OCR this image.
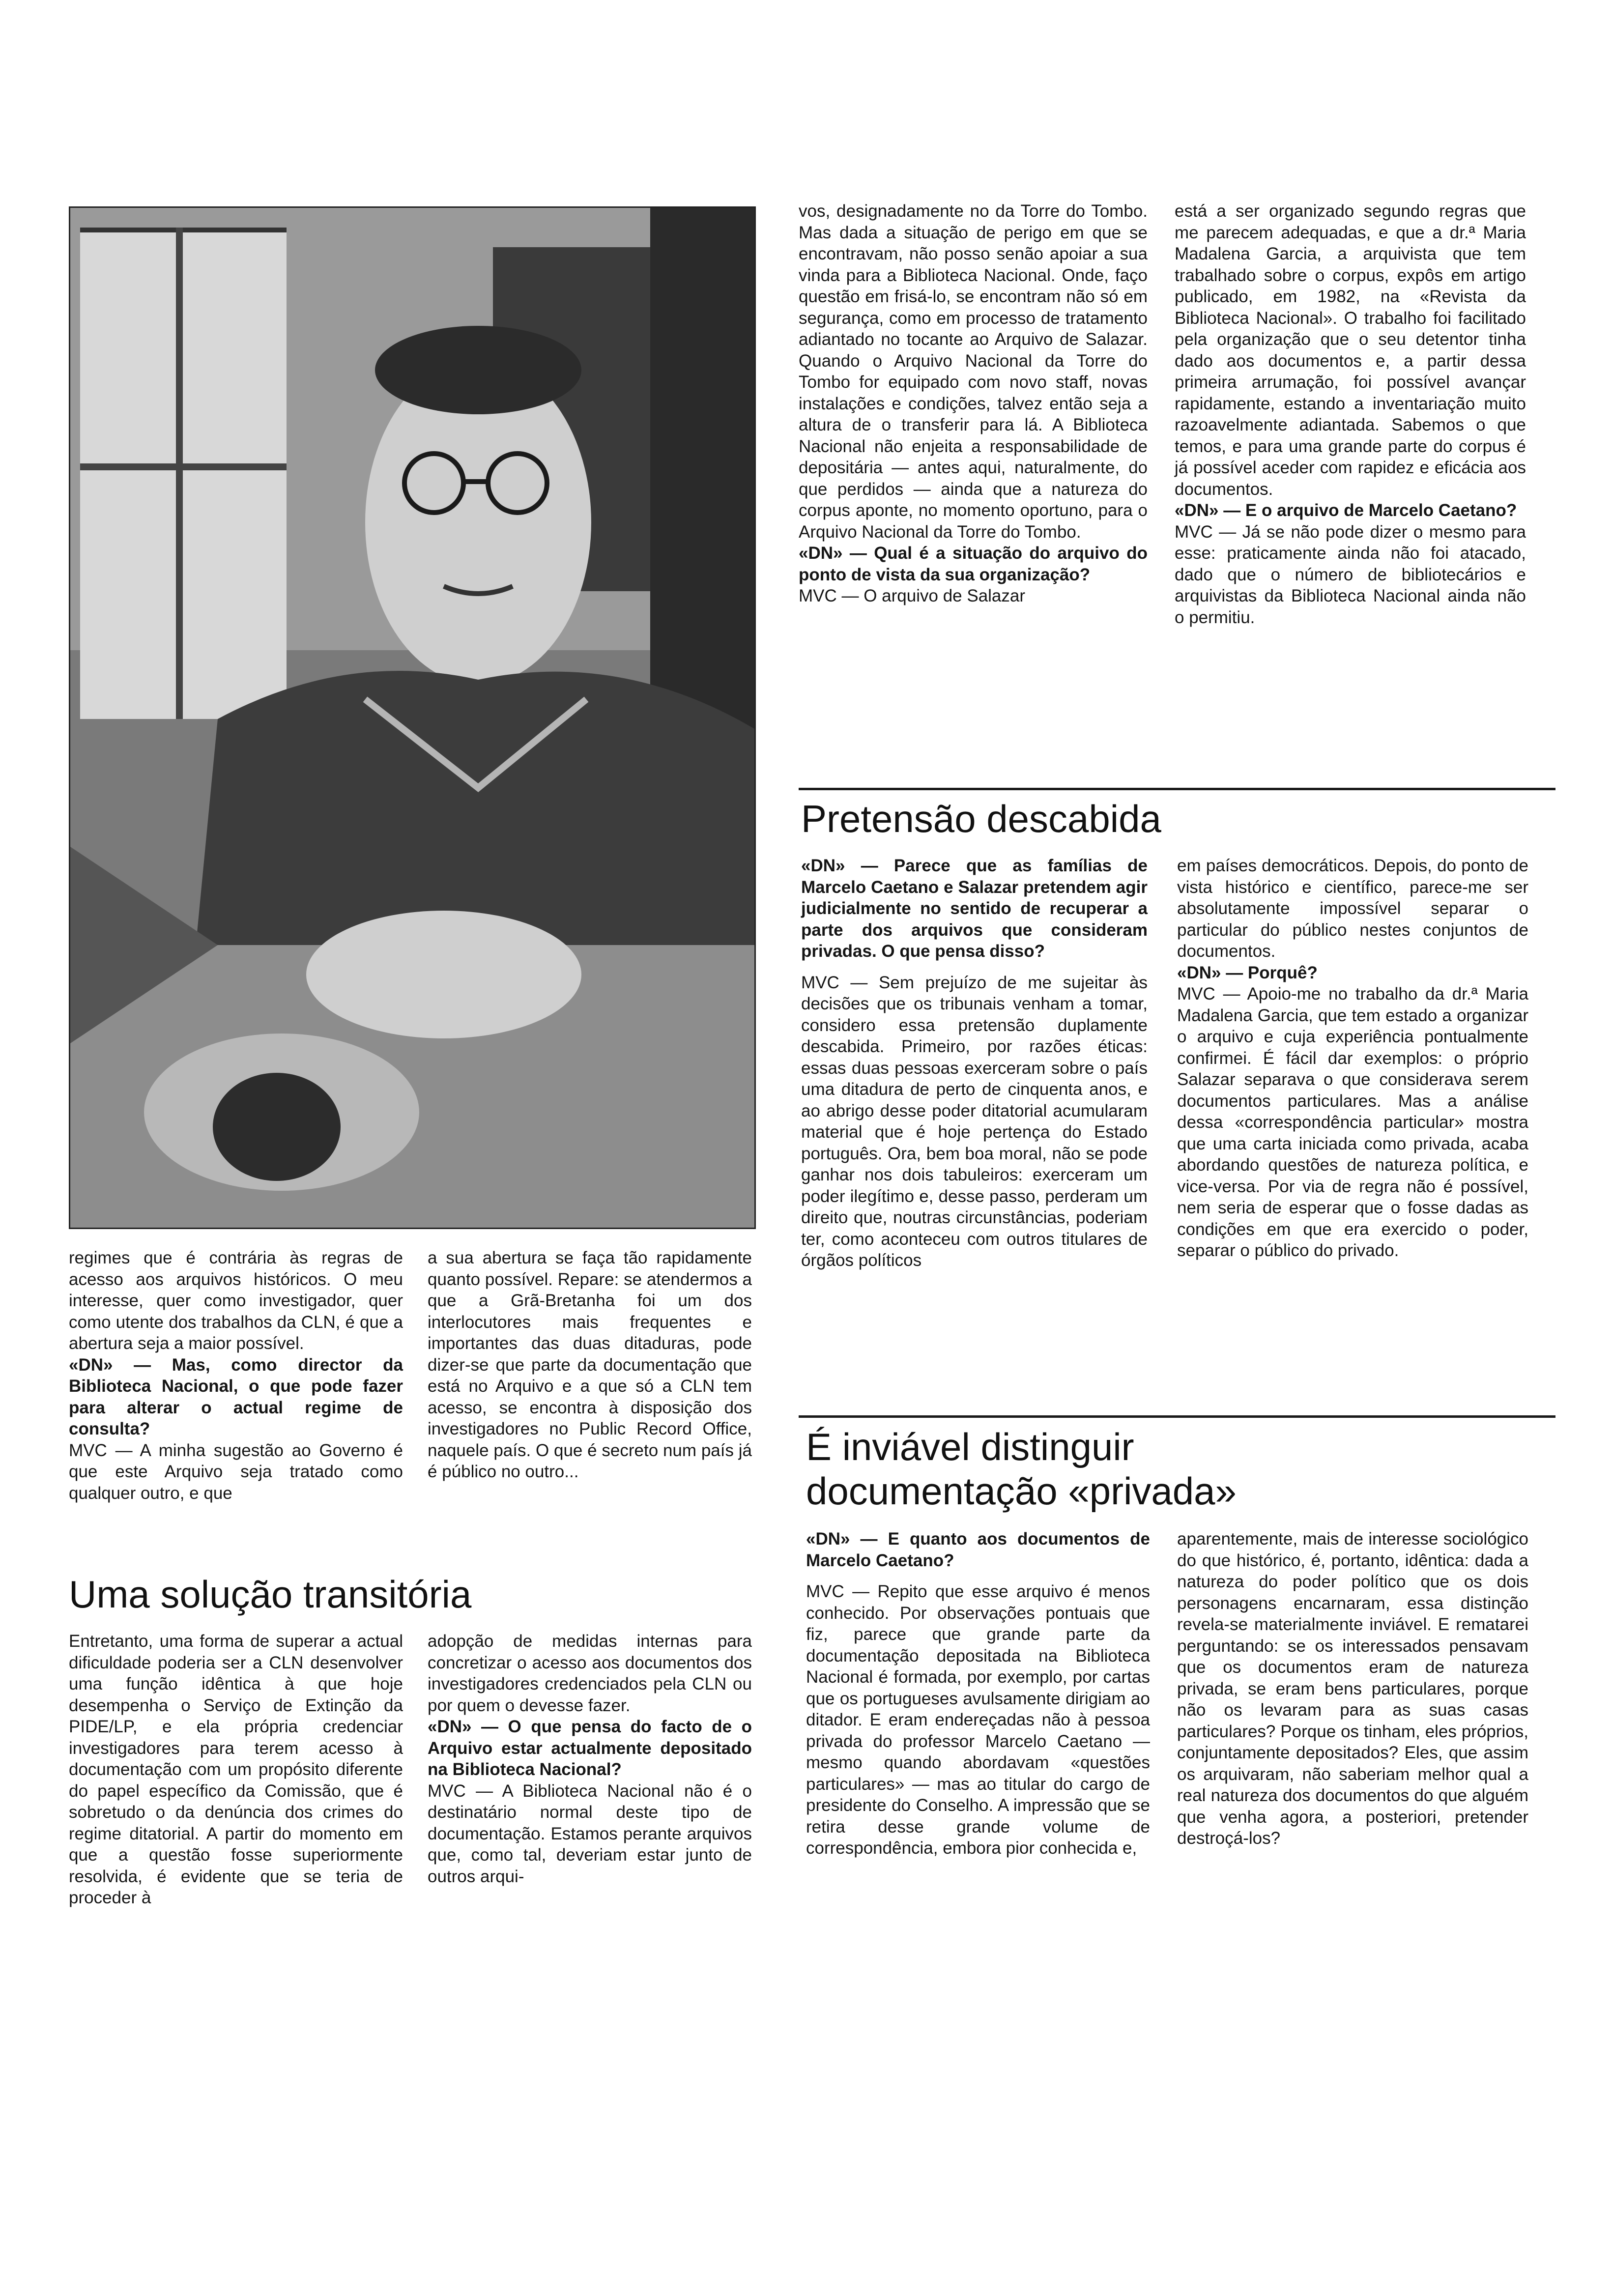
regimes que é contrária às regras de acesso aos arquivos históricos. O meu interesse, quer como investigador, quer como utente dos trabalhos da CLN, é que a abertura seja a maior possível.

«DN» — Mas, como director da Biblioteca Nacional, o que pode fazer para alterar o actual regime de consulta?

MVC — A minha sugestão ao Governo é que este Arquivo seja tratado como qualquer outro, e que

a sua abertura se faça tão rapidamente quanto possível. Repare: se atendermos a que a Grã-Bretanha foi um dos interlocutores mais frequentes e importantes das duas ditaduras, pode dizer-se que parte da documentação que está no Arquivo e a que só a CLN tem acesso, se encontra à disposição dos investigadores no Public Record Office, naquele país. O que é secreto num país já é público no outro...

Uma solução transitória

Entretanto, uma forma de superar a actual dificuldade poderia ser a CLN desenvolver uma função idêntica à que hoje desempenha o Serviço de Extinção da PIDE/LP, e ela própria credenciar investigadores para terem acesso à documentação com um propósito diferente do papel específico da Comissão, que é sobretudo o da denúncia dos crimes do regime ditatorial. A partir do momento em que a questão fosse superiormente resolvida, é evidente que se teria de proceder à

adopção de medidas internas para concretizar o acesso aos documentos dos investigadores credenciados pela CLN ou por quem o devesse fazer.

«DN» — O que pensa do facto de o Arquivo estar actualmente depositado na Biblioteca Nacional?

MVC — A Biblioteca Nacional não é o destinatário normal deste tipo de documentação. Estamos perante arquivos que, como tal, deveriam estar junto de outros arqui-

vos, designadamente no da Torre do Tombo. Mas dada a situação de perigo em que se encontravam, não posso senão apoiar a sua vinda para a Biblioteca Nacional. Onde, faço questão em frisá-lo, se encontram não só em segurança, como em processo de tratamento adiantado no tocante ao Arquivo de Salazar. Quando o Arquivo Nacional da Torre do Tombo for equipado com novo staff, novas instalações e condições, talvez então seja a altura de o transferir para lá. A Biblioteca Nacional não enjeita a responsabilidade de depositária — antes aqui, naturalmente, do que perdidos — ainda que a natureza do corpus aponte, no momento oportuno, para o Arquivo Nacional da Torre do Tombo.

«DN» — Qual é a situação do arquivo do ponto de vista da sua organização?

MVC — O arquivo de Salazar

está a ser organizado segundo regras que me parecem adequadas, e que a dr.ª Maria Madalena Garcia, a arquivista que tem trabalhado sobre o corpus, expôs em artigo publicado, em 1982, na «Revista da Biblioteca Nacional». O trabalho foi facilitado pela organização que o seu detentor tinha dado aos documentos e, a partir dessa primeira arrumação, foi possível avançar rapidamente, estando a inventariação muito razoavelmente adiantada. Sabemos o que temos, e para uma grande parte do corpus é já possível aceder com rapidez e eficácia aos documentos.

«DN» — E o arquivo de Marcelo Caetano?

MVC — Já se não pode dizer o mesmo para esse: praticamente ainda não foi atacado, dado que o número de bibliotecários e arquivistas da Biblioteca Nacional ainda não o permitiu.

Pretensão descabida

«DN» — Parece que as famílias de Marcelo Caetano e Salazar pretendem agir judicialmente no sentido de recuperar a parte dos arquivos que consideram privadas. O que pensa disso?

MVC — Sem prejuízo de me sujeitar às decisões que os tribunais venham a tomar, considero essa pretensão duplamente descabida. Primeiro, por razões éticas: essas duas pessoas exerceram sobre o país uma ditadura de perto de cinquenta anos, e ao abrigo desse poder ditatorial acumularam material que é hoje pertença do Estado português. Ora, bem boa moral, não se pode ganhar nos dois tabuleiros: exerceram um poder ilegítimo e, desse passo, perderam um direito que, noutras circunstâncias, poderiam ter, como aconteceu com outros titulares de órgãos políticos

em países democráticos. Depois, do ponto de vista histórico e científico, parece-me ser absolutamente impossível separar o particular do público nestes conjuntos de documentos.

«DN» — Porquê?

MVC — Apoio-me no trabalho da dr.ª Maria Madalena Garcia, que tem estado a organizar o arquivo e cuja experiência pontualmente confirmei. É fácil dar exemplos: o próprio Salazar separava o que considerava serem documentos particulares. Mas a análise dessa «correspondência particular» mostra que uma carta iniciada como privada, acaba abordando questões de natureza política, e vice-versa. Por via de regra não é possível, nem seria de esperar que o fosse dadas as condições em que era exercido o poder, separar o público do privado.

É inviável distinguir
documentação «privada»

«DN» — E quanto aos documentos de Marcelo Caetano?

MVC — Repito que esse arquivo é menos conhecido. Por observações pontuais que fiz, parece que grande parte da documentação depositada na Biblioteca Nacional é formada, por exemplo, por cartas que os portugueses avulsamente dirigiam ao ditador. E eram endereçadas não à pessoa privada do professor Marcelo Caetano — mesmo quando abordavam «questões particulares» — mas ao titular do cargo de presidente do Conselho. A impressão que se retira desse grande volume de correspondência, embora pior conhecida e,

aparentemente, mais de interesse sociológico do que histórico, é, portanto, idêntica: dada a natureza do poder político que os dois personagens encarnaram, essa distinção revela-se materialmente inviável. E rematarei perguntando: se os interessados pensavam que os documentos eram de natureza privada, se eram bens particulares, porque não os levaram para as suas casas particulares? Porque os tinham, eles próprios, conjuntamente depositados? Eles, que assim os arquivaram, não saberiam melhor qual a real natureza dos documentos do que alguém que venha agora, a posteriori, pretender destroçá-los?
